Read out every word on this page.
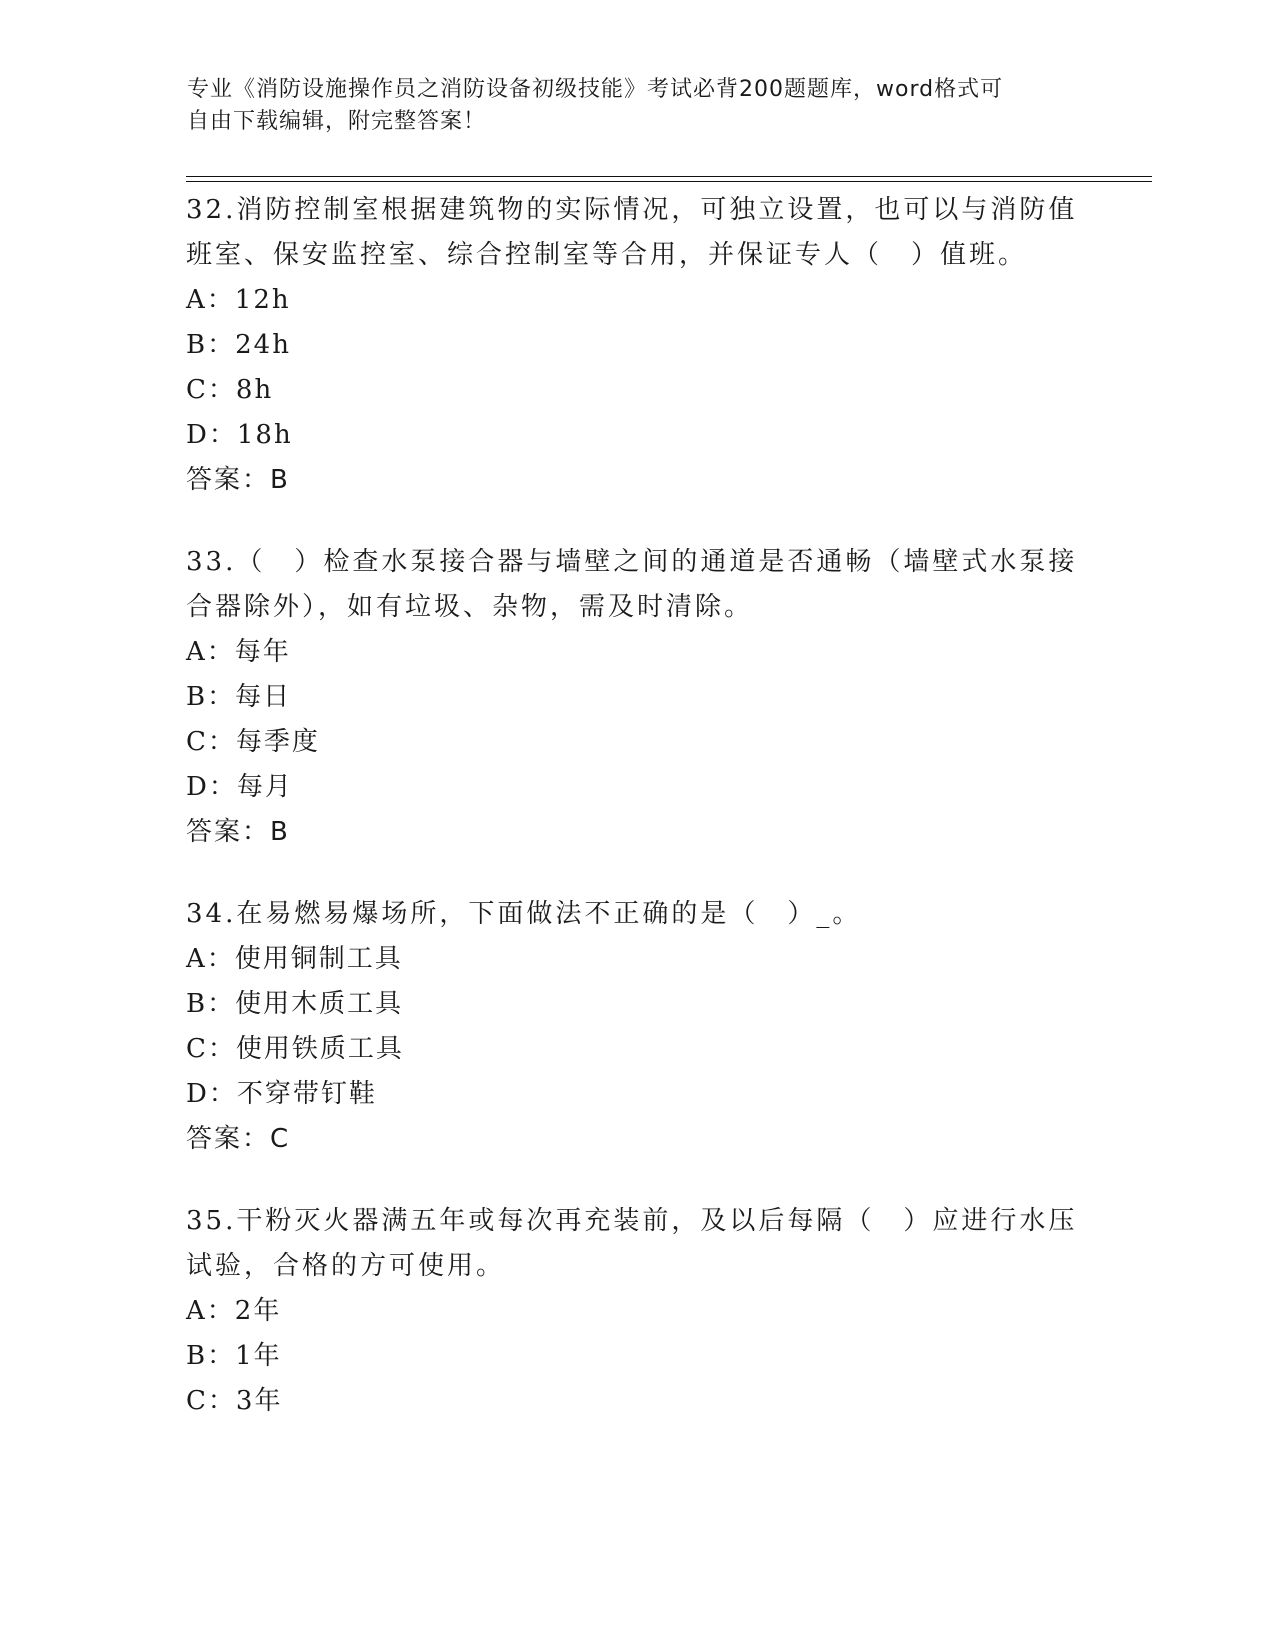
专业《消防设施操作员之消防设备初级技能》考试必背200题题库，word格式可
自由下载编辑，附完整答案！

32.消防控制室根据建筑物的实际情况，可独立设置，也可以与消防值班室、保安监控室、综合控制室等合用，并保证专人（　）值班。

A：12h

B：24h

C：8h

D：18h

答案：B

33.（　）检查水泵接合器与墙壁之间的通道是否通畅（墙壁式水泵接合器除外），如有垃圾、杂物，需及时清除。

A：每年

B：每日

C：每季度

D：每月

答案：B

34.在易燃易爆场所，下面做法不正确的是（　）_。

A：使用铜制工具

B：使用木质工具

C：使用铁质工具

D：不穿带钉鞋

答案：C

35.干粉灭火器满五年或每次再充装前，及以后每隔（　）应进行水压试验，合格的方可使用。

A：2年

B：1年

C：3年
